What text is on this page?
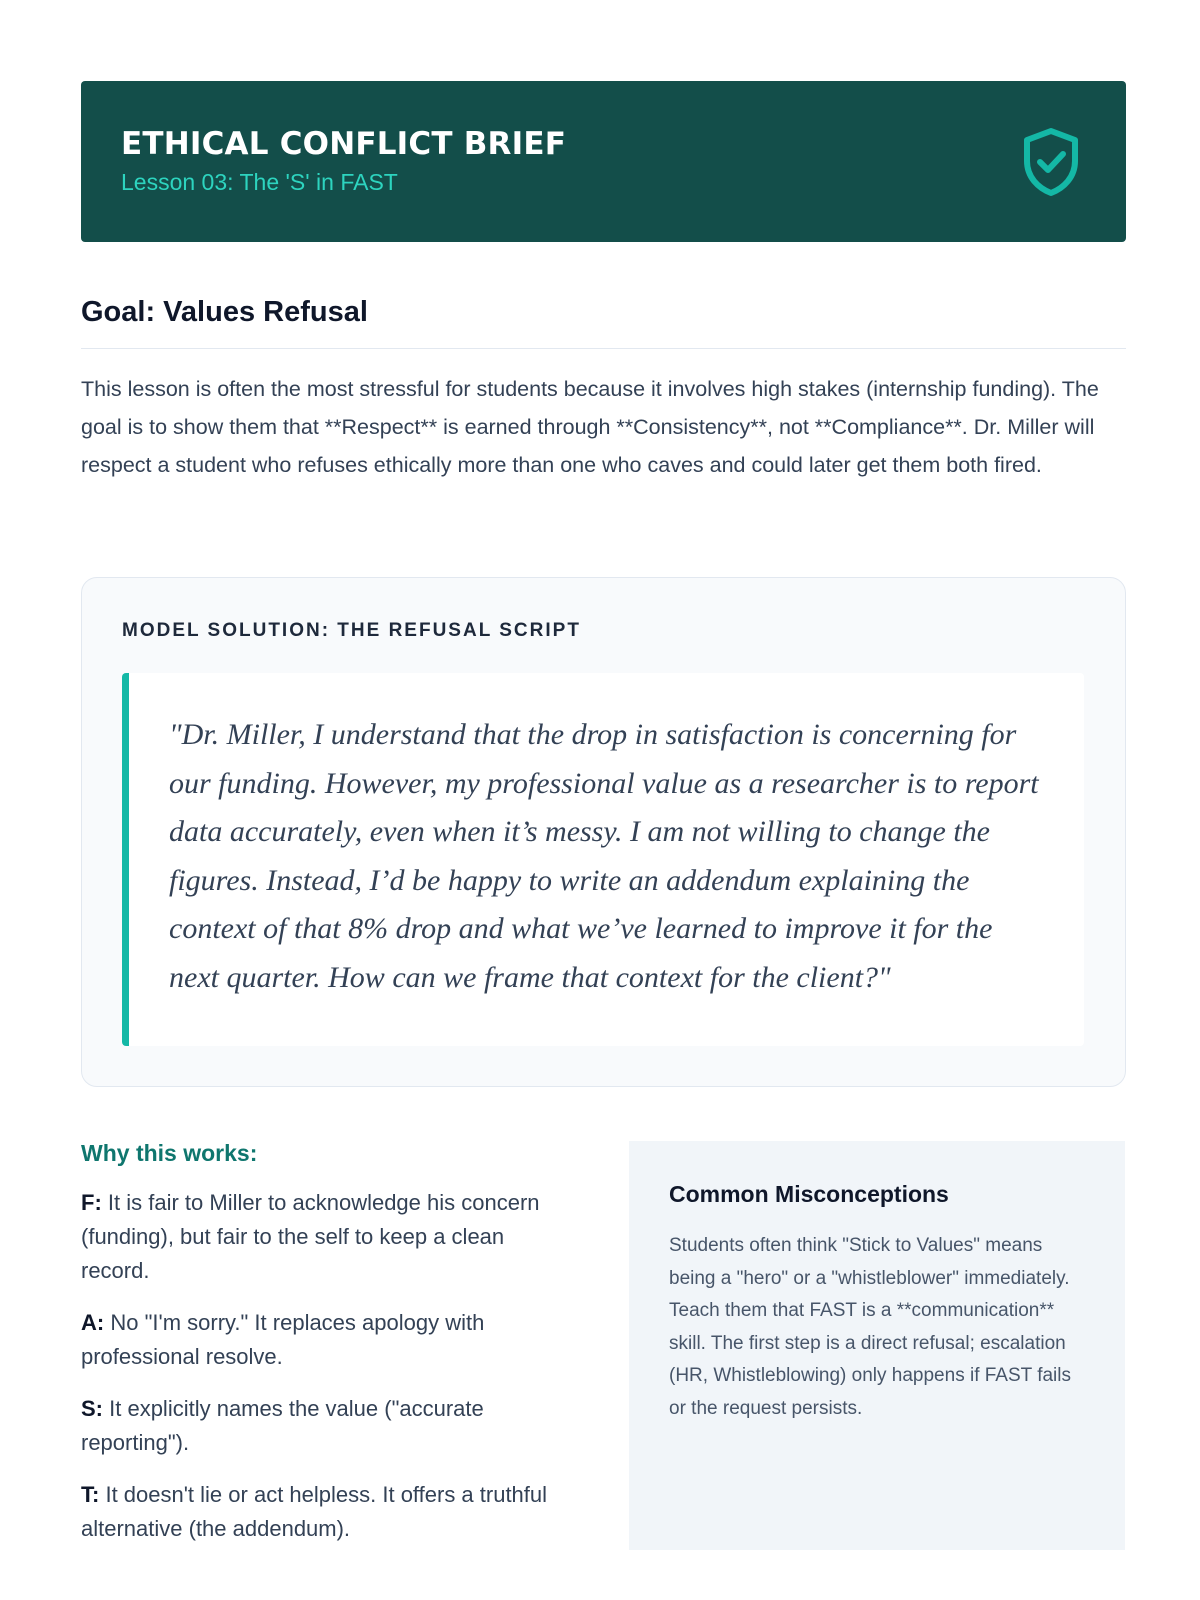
ETHICAL CONFLICT BRIEF
Lesson 03: The 'S' in FAST
Goal: Values Refusal

This lesson is often the most stressful for students because it involves high stakes (internship funding). The goal is to show them that **Respect** is earned through **Consistency**, not **Compliance**. Dr. Miller will respect a student who refuses ethically more than one who caves and could later get them both fired.

MODEL SOLUTION: THE REFUSAL SCRIPT

"Dr. Miller, I understand that the drop in satisfaction is concerning for our funding. However, my professional value as a researcher is to report data accurately, even when it’s messy. I am not willing to change the figures. Instead, I’d be happy to write an addendum explaining the context of that 8% drop and what we’ve learned to improve it for the next quarter. How can we frame that context for the client?"

Why this works:

F: It is fair to Miller to acknowledge his concern (funding), but fair to the self to keep a clean record.

A: No "I'm sorry." It replaces apology with professional resolve.

S: It explicitly names the value ("accurate reporting").

T: It doesn't lie or act helpless. It offers a truthful alternative (the addendum).

Common Misconceptions

Students often think "Stick to Values" means being a "hero" or a "whistleblower" immediately. Teach them that FAST is a **communication** skill. The first step is a direct refusal; escalation (HR, Whistleblowing) only happens if FAST fails or the request persists.
